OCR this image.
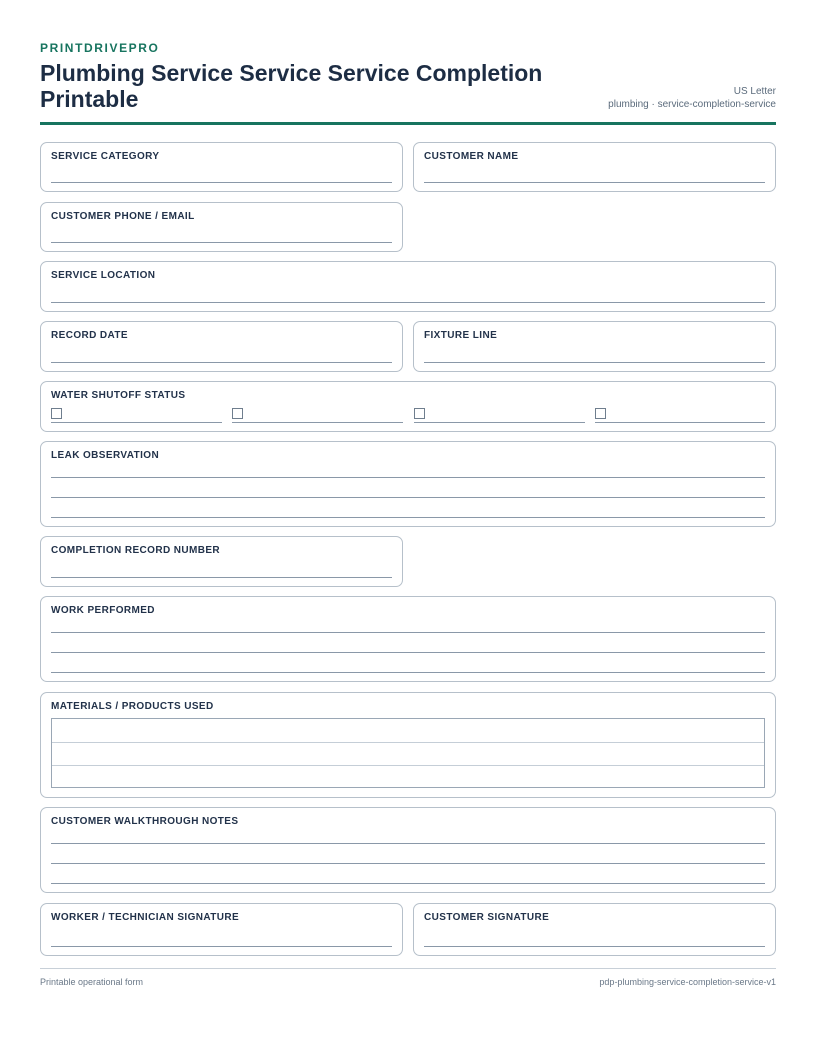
PRINTDRIVEPRO
Plumbing Service Service Service Completion Printable	US Letter
plumbing · service-completion-service
SERVICE CATEGORY	CUSTOMER NAME
CUSTOMER PHONE / EMAIL
SERVICE LOCATION
RECORD DATE	FIXTURE LINE
WATER SHUTOFF STATUS
LEAK OBSERVATION
COMPLETION RECORD NUMBER
WORK PERFORMED
MATERIALS / PRODUCTS USED
CUSTOMER WALKTHROUGH NOTES
WORKER / TECHNICIAN SIGNATURE	CUSTOMER SIGNATURE
Printable operational form	pdp-plumbing-service-completion-service-v1
